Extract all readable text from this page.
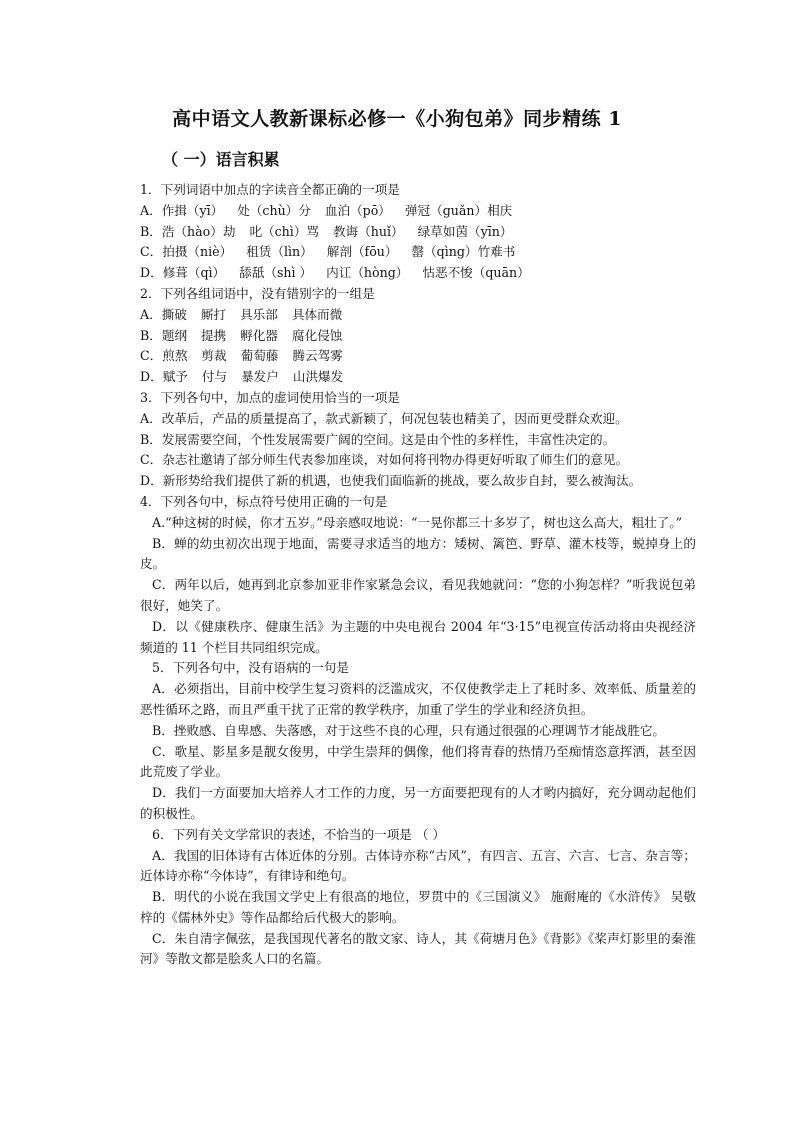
高中语文人教新课标必修一《小狗包弟》同步精练 1
（ 一）语言积累
1．下列词语中加点的字读音全都正确的一项是
A．作揖（yī） 处（chù）分 血泊（pō） 弹冠（guǎn）相庆
B．浩（hào）劫 叱（chì）骂 教诲（huǐ） 绿草如茵（yīn）
C．拍摄（niè） 租赁（lìn） 解剖（fōu） 罄（qìng）竹难书
D．修葺（qì） 舔舐（shì ） 内讧（hòng） 怙恶不悛（quān）
2．下列各组词语中，没有错别字的一组是
A．撕破 厮打 具乐部 具体而微
B．题纲 提携 孵化器 腐化侵蚀
C．煎熬 剪裁 葡萄藤 腾云驾雾
D．赋予 付与 暴发户 山洪爆发
3．下列各句中，加点的虚词使用恰当的一项是
A．改革后，产品的质量提高了，款式新颖了，何况包装也精美了，因而更受群众欢迎。
B．发展需要空间，个性发展需要广阔的空间。这是由个性的多样性，丰富性决定的。
C．杂志社邀请了部分师生代表参加座谈，对如何将刊物办得更好听取了师生们的意见。
D．新形势给我们提供了新的机遇，也使我们面临新的挑战，要么故步自封，要么被淘汰。
4．下列各句中，标点符号使用正确的一句是
A.“种这树的时候，你才五岁。”母亲感叹地说：“一晃你都三十多岁了，树也这么高大，粗壮了。”
B．蝉的幼虫初次出现于地面，需要寻求适当的地方：矮树、篱笆、野草、灌木枝等，蜕掉身上的皮。
C．两年以后，她再到北京参加亚非作家紧急会议，看见我她就问：“您的小狗怎样？”听我说包弟很好，她笑了。
D．以《健康秩序、健康生活》为主题的中央电视台 2004 年“3·15”电视宣传活动将由央视经济频道的 11 个栏目共同组织完成。
5．下列各句中，没有语病的一句是
A．必须指出，目前中校学生复习资料的泛滥成灾，不仅使教学走上了耗时多、效率低、质量差的恶性循环之路，而且严重干扰了正常的教学秩序，加重了学生的学业和经济负担。
B．挫败感、自卑感、失落感，对于这些不良的心理，只有通过很强的心理调节才能战胜它。
C．歌星、影星多是靓女俊男，中学生崇拜的偶像，他们将青春的热情乃至痴情恣意挥洒，甚至因此荒废了学业。
D．我们一方面要加大培养人才工作的力度，另一方面要把现有的人才哟内搞好，充分调动起他们的积极性。
6．下列有关文学常识的表述，不恰当的一项是 （ ）
A．我国的旧体诗有古体近体的分别。古体诗亦称“古风”，有四言、五言、六言、七言、杂言等；近体诗亦称“今体诗”，有律诗和绝句。
B．明代的小说在我国文学史上有很高的地位，罗贯中的《三国演义》 施耐庵的《水浒传》 吴敬梓的《儒林外史》等作品都给后代极大的影响。
C．朱自清字佩弦，是我国现代著名的散文家、诗人，其《荷塘月色》《背影》《桨声灯影里的秦淮河》等散文都是脍炙人口的名篇。
